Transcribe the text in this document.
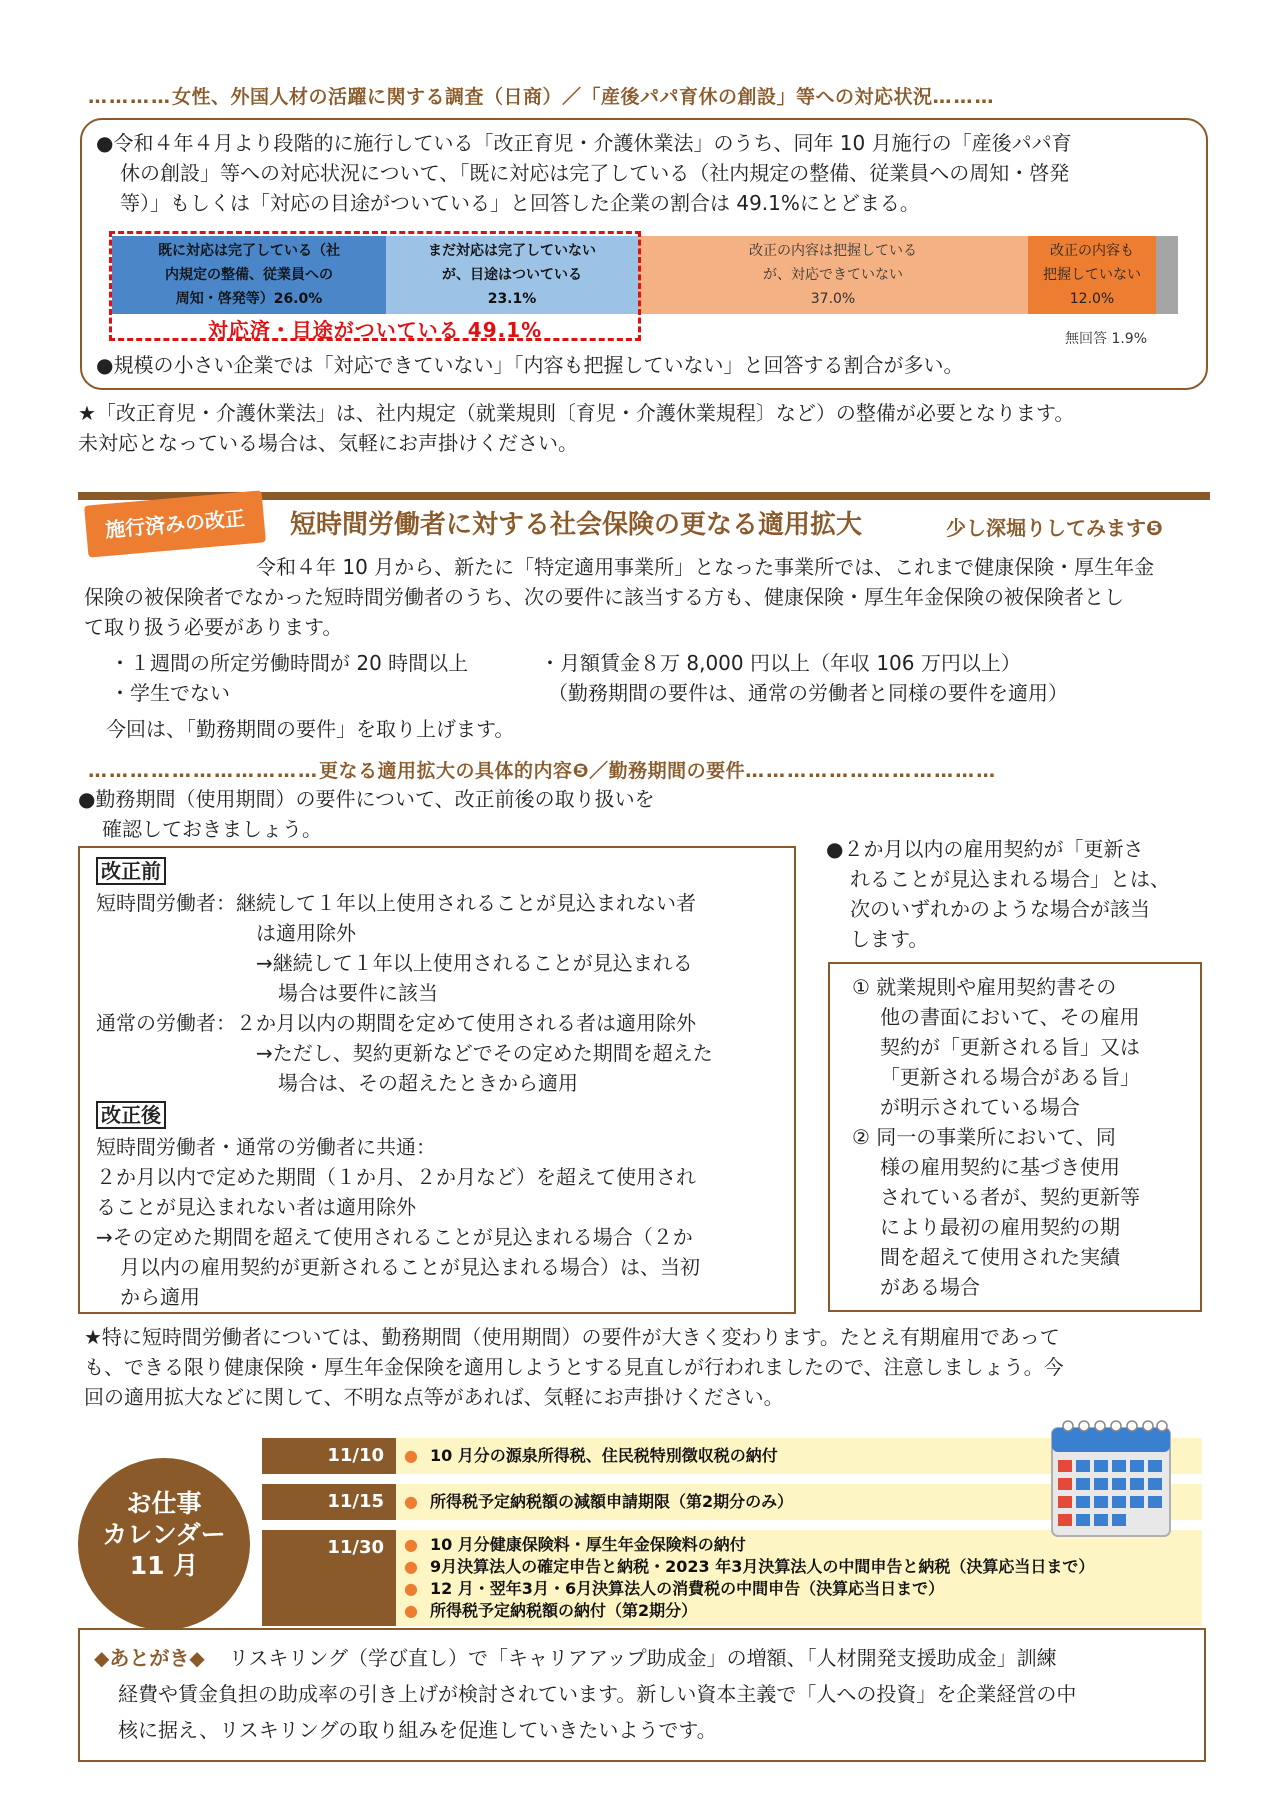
…………女性、外国人材の活躍に関する調査（日商）／「産後パパ育休の創設」等への対応状況………
●令和４年４月より段階的に施行している「改正育児・介護休業法」のうち、同年 10 月施行の「産後パパ育
休の創設」等への対応状況について、「既に対応は完了している（社内規定の整備、従業員への周知・啓発
等）」もしくは「対応の目途がついている」と回答した企業の割合は 49.1%にとどまる。
既に対応は完了している（社
内規定の整備、従業員への
周知・啓発等）26.0%
まだ対応は完了していない
が、目途はついている
23.1%
改正の内容は把握している
が、対応できていない
37.0%
改正の内容も
把握していない
12.0%
対応済・目途がついている 49.1%	無回答 1.9%
●規模の小さい企業では「対応できていない」「内容も把握していない」と回答する割合が多い。
★「改正育児・介護休業法」は、社内規定（就業規則〔育児・介護休業規程〕など）の整備が必要となります。
未対応となっている場合は、気軽にお声掛けください。
施行済みの改正	短時間労働者に対する社会保険の更なる適用拡大	少し深堀りしてみます❺
令和４年 10 月から、新たに「特定適用事業所」となった事業所では、これまで健康保険・厚生年金
保険の被保険者でなかった短時間労働者のうち、次の要件に該当する方も、健康保険・厚生年金保険の被保険者とし
て取り扱う必要があります。
・１週間の所定労働時間が 20 時間以上
・学生でない
・月額賃金８万 8,000 円以上（年収 106 万円以上）
（勤務期間の要件は、通常の労働者と同様の要件を適用）
今回は、「勤務期間の要件」を取り上げます。
……………………………更なる適用拡大の具体的内容❺／勤務期間の要件………………………………
●勤務期間（使用期間）の要件について、改正前後の取り扱いを
確認しておきましょう。
改正前
短時間労働者：継続して１年以上使用されることが見込まれない者
は適用除外
→継続して１年以上使用されることが見込まれる
場合は要件に該当
通常の労働者：２か月以内の期間を定めて使用される者は適用除外
→ただし、契約更新などでその定めた期間を超えた
場合は、その超えたときから適用
改正後
短時間労働者・通常の労働者に共通：
２か月以内で定めた期間（１か月、２か月など）を超えて使用され
ることが見込まれない者は適用除外
→その定めた期間を超えて使用されることが見込まれる場合（２か
月以内の雇用契約が更新されることが見込まれる場合）は、当初
から適用
●２か月以内の雇用契約が「更新さ
れることが見込まれる場合」とは、
次のいずれかのような場合が該当
します。
① 就業規則や雇用契約書その
他の書面において、その雇用
契約が「更新される旨」又は
「更新される場合がある旨」
が明示されている場合
② 同一の事業所において、同
様の雇用契約に基づき使用
されている者が、契約更新等
により最初の雇用契約の期
間を超えて使用された実績
がある場合
★特に短時間労働者については、勤務期間（使用期間）の要件が大きく変わります。たとえ有期雇用であって
も、できる限り健康保険・厚生年金保険を適用しようとする見直しが行われましたので、注意しましょう。今
回の適用拡大などに関して、不明な点等があれば、気軽にお声掛けください。
お仕事
カレンダー
11 月
11/10	● 10 月分の源泉所得税、住民税特別徴収税の納付
11/15	● 所得税予定納税額の減額申請期限（第2期分のみ）
11/30	● 10 月分健康保険料・厚生年金保険料の納付
● 9月決算法人の確定申告と納税・2023 年3月決算法人の中間申告と納税（決算応当日まで）
● 12 月・翌年3月・6月決算法人の消費税の中間申告（決算応当日まで）
● 所得税予定納税額の納付（第2期分）
◆あとがき◆ リスキリング（学び直し）で「キャリアアップ助成金」の増額、「人材開発支援助成金」訓練
経費や賃金負担の助成率の引き上げが検討されています。新しい資本主義で「人への投資」を企業経営の中
核に据え、リスキリングの取り組みを促進していきたいようです。
